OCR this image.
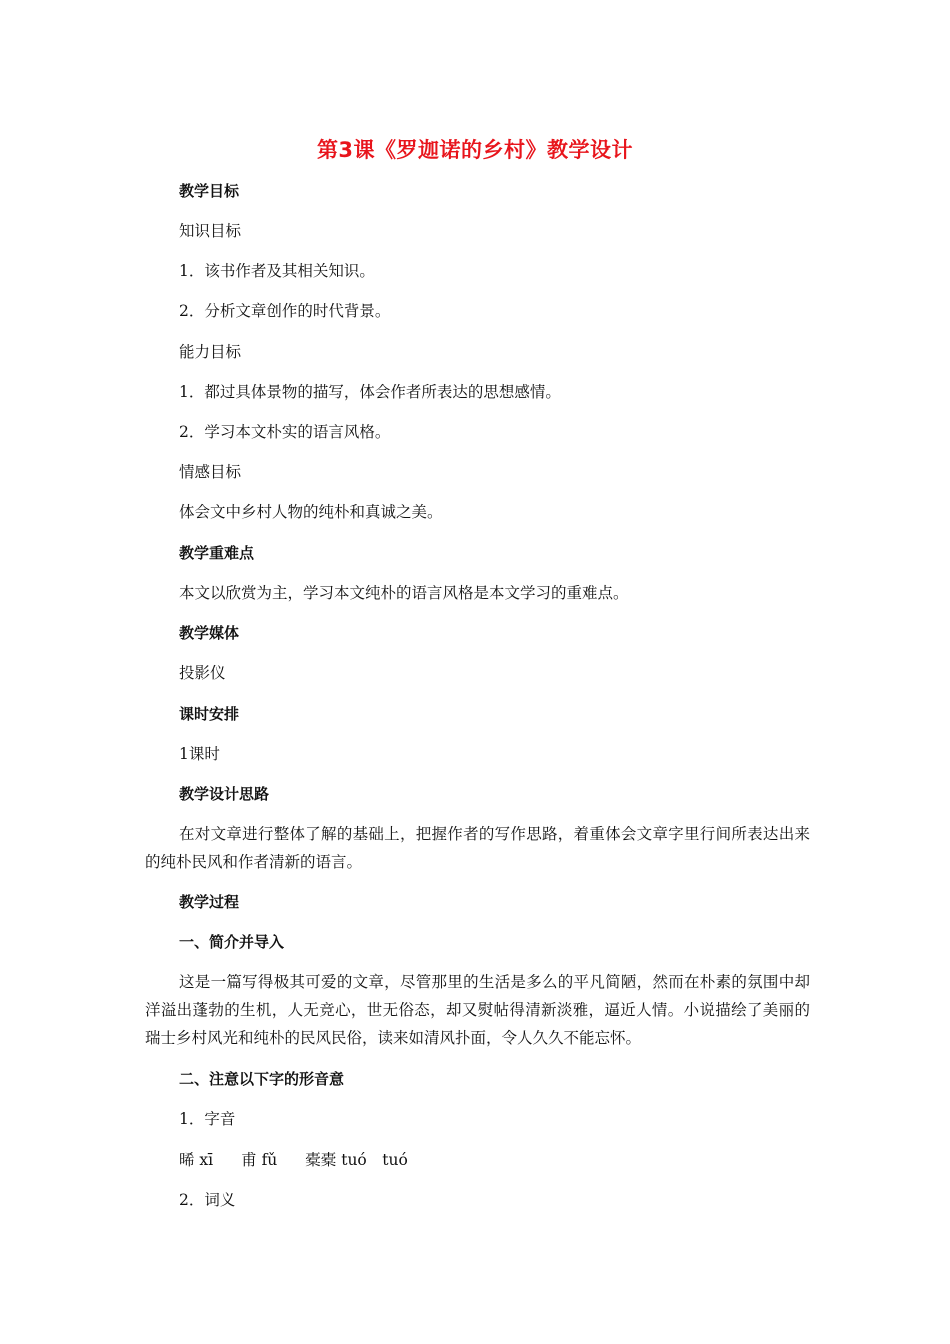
第3课《罗迦诺的乡村》教学设计
教学目标
知识目标
1．该书作者及其相关知识。
2．分析文章创作的时代背景。
能力目标
1．都过具体景物的描写，体会作者所表达的思想感情。
2．学习本文朴实的语言风格。
情感目标
体会文中乡村人物的纯朴和真诚之美。
教学重难点
本文以欣赏为主，学习本文纯朴的语言风格是本文学习的重难点。
教学媒体
投影仪
课时安排
1课时
教学设计思路
在对文章进行整体了解的基础上，把握作者的写作思路，着重体会文章字里行间所表达出来的纯朴民风和作者清新的语言。
教学过程
一、简介并导入
这是一篇写得极其可爱的文章，尽管那里的生活是多么的平凡简陋，然而在朴素的氛围中却洋溢出蓬勃的生机，人无竞心，世无俗态，却又熨帖得清新淡雅，逼近人情。小说描绘了美丽的瑞士乡村风光和纯朴的民风民俗，读来如清风扑面，令人久久不能忘怀。
二、注意以下字的形音意
1．字音
晞 xī 甫 fǔ 橐橐 tuó　tuó
2．词义
